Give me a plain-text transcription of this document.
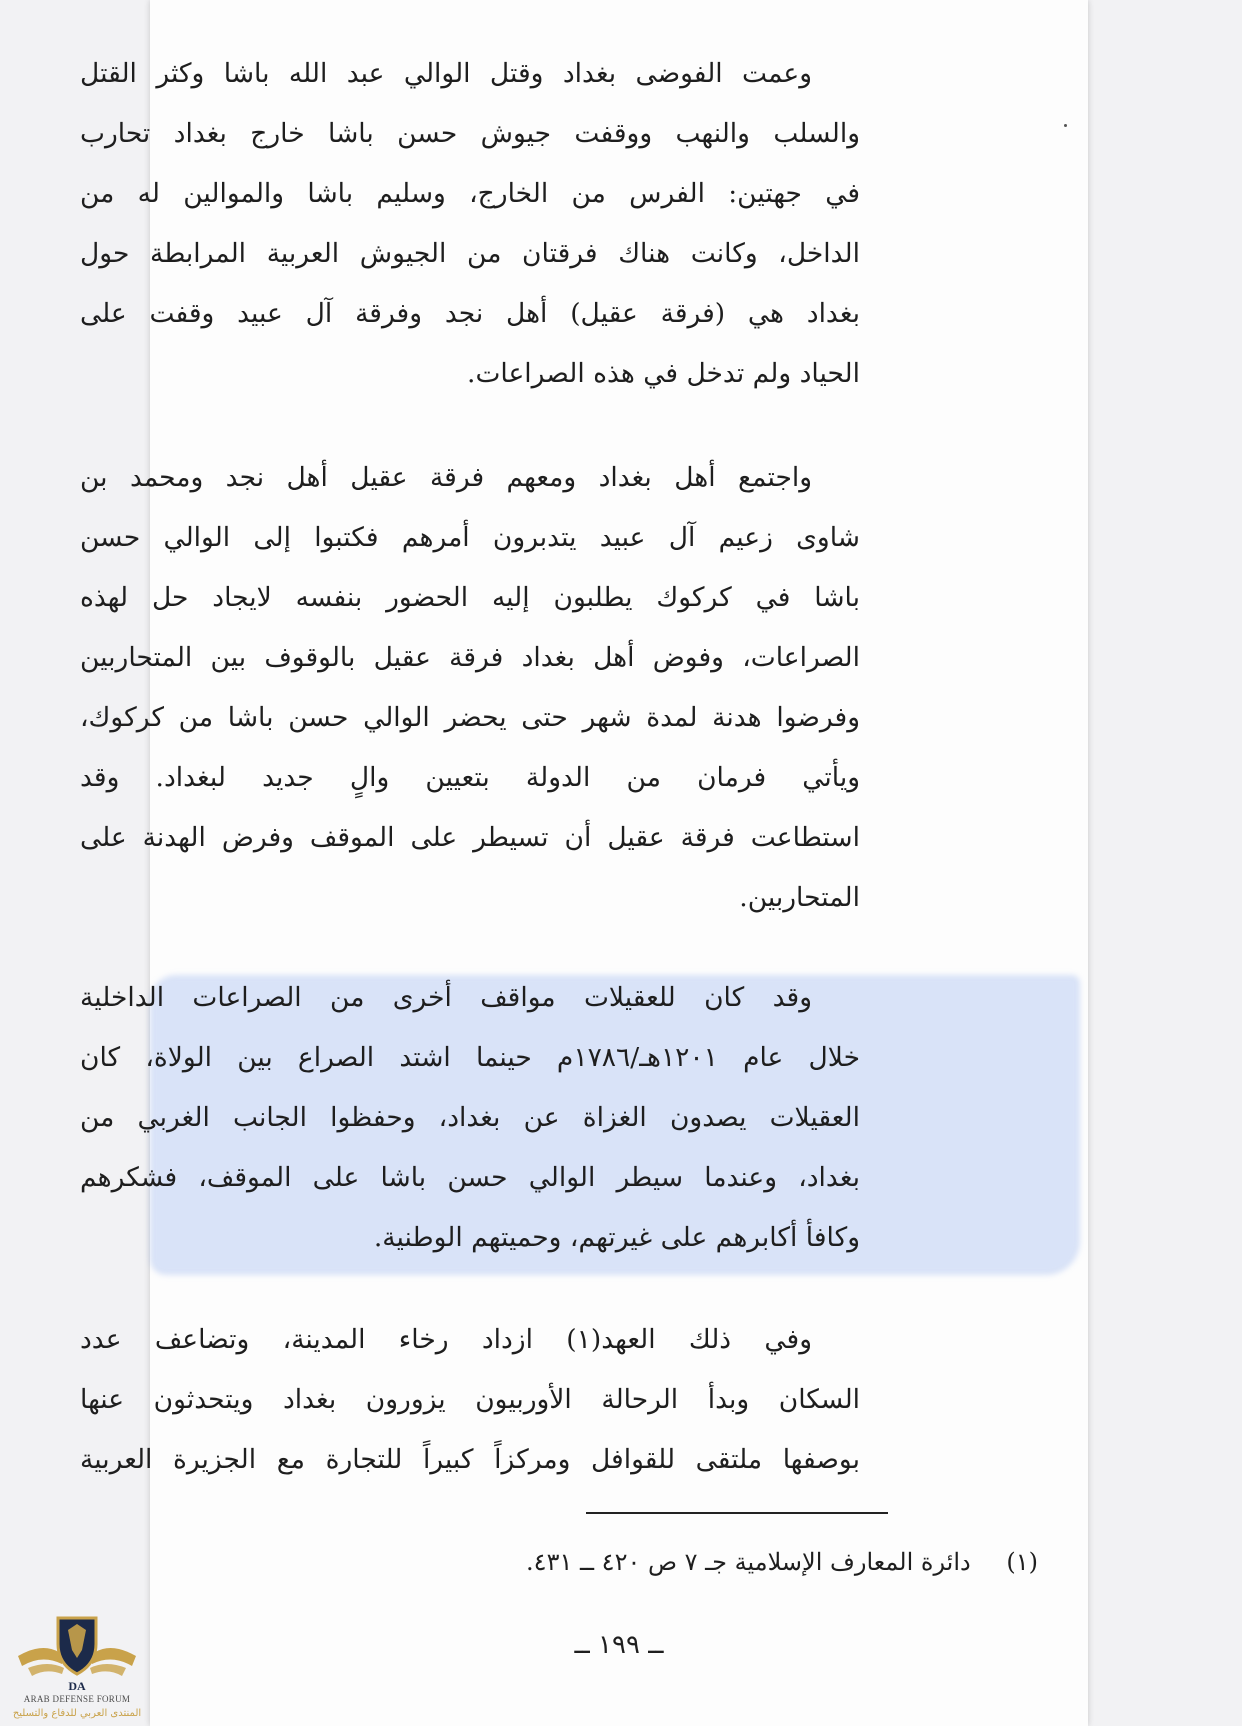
وعمت الفوضى بغداد وقتل الوالي عبد الله باشا وكثر القتل
والسلب والنهب ووقفت جيوش حسن باشا خارج بغداد تحارب
في جهتين: الفرس من الخارج، وسليم باشا والموالين له من
الداخل، وكانت هناك فرقتان من الجيوش العربية المرابطة حول
بغداد هي (فرقة عقيل) أهل نجد وفرقة آل عبيد وقفت على
الحياد ولم تدخل في هذه الصراعات.
واجتمع أهل بغداد ومعهم فرقة عقيل أهل نجد ومحمد بن
شاوى زعيم آل عبيد يتدبرون أمرهم فكتبوا إلى الوالي حسن
باشا في كركوك يطلبون إليه الحضور بنفسه لايجاد حل لهذه
الصراعات، وفوض أهل بغداد فرقة عقيل بالوقوف بين المتحاربين
وفرضوا هدنة لمدة شهر حتى يحضر الوالي حسن باشا من كركوك،
ويأتي فرمان من الدولة بتعيين والٍ جديد لبغداد. وقد
استطاعت فرقة عقيل أن تسيطر على الموقف وفرض الهدنة على
المتحاربين.
وقد كان للعقيلات مواقف أخرى من الصراعات الداخلية
خلال عام ١٢٠١هـ/١٧٨٦م حينما اشتد الصراع بين الولاة، كان
العقيلات يصدون الغزاة عن بغداد، وحفظوا الجانب الغربي من
بغداد، وعندما سيطر الوالي حسن باشا على الموقف، فشكرهم
وكافأ أكابرهم على غيرتهم، وحميتهم الوطنية.
وفي ذلك العهد(١) ازداد رخاء المدينة، وتضاعف عدد
السكان وبدأ الرحالة الأوربيون يزورون بغداد ويتحدثون عنها
بوصفها ملتقى للقوافل ومركزاً كبيراً للتجارة مع الجزيرة العربية
(١) دائرة المعارف الإسلامية جـ ٧ ص ٤٢٠ ــ ٤٣١.
ــ ١٩٩ ــ
DA
ARAB DEFENSE FORUM
المنتدى العربي للدفاع والتسليح
